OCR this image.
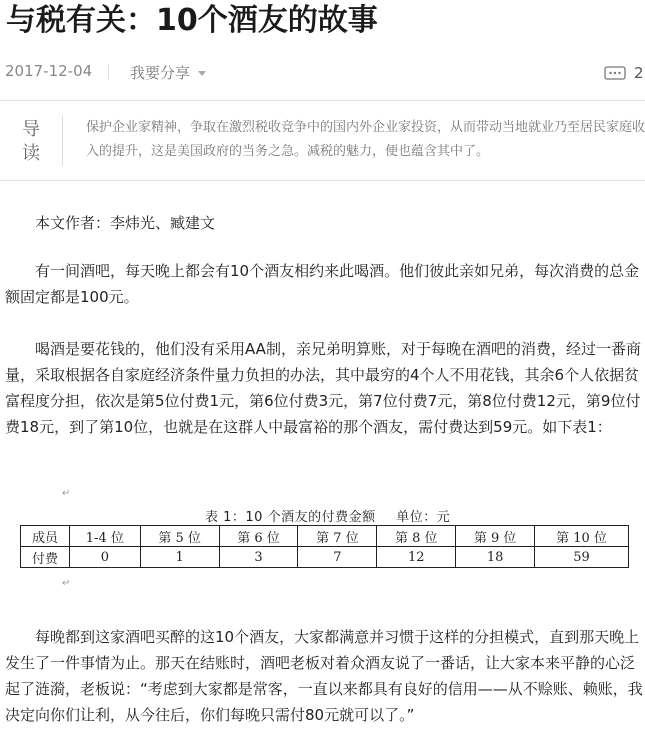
与税有关：10个酒友的故事
2017-12-04	我要分享	2
导读
保护企业家精神，争取在激烈税收竞争中的国内外企业家投资，从而带动当地就业乃至居民家庭收入的提升，这是美国政府的当务之急。减税的魅力，便也蕴含其中了。

本文作者：李炜光、臧建文

有一间酒吧，每天晚上都会有10个酒友相约来此喝酒。他们彼此亲如兄弟，每次消费的总金额固定都是100元。

喝酒是要花钱的，他们没有采用AA制，亲兄弟明算账，对于每晚在酒吧的消费，经过一番商量，采取根据各自家庭经济条件量力负担的办法，其中最穷的4个人不用花钱，其余6个人依据贫富程度分担，依次是第5位付费1元，第6位付费3元，第7位付费7元，第8位付费12元，第9位付费18元，到了第10位，也就是在这群人中最富裕的那个酒友，需付费达到59元。如下表1：

↵
表 1：10 个酒友的付费金额 单位：元
成员	1-4 位	第 5 位	第 6 位	第 7 位	第 8 位	第 9 位	第 10 位
付费	0	1	3	7	12	18	59
↵

每晚都到这家酒吧买醉的这10个酒友，大家都满意并习惯于这样的分担模式，直到那天晚上发生了一件事情为止。那天在结账时，酒吧老板对着众酒友说了一番话，让大家本来平静的心泛起了涟漪，老板说：“考虑到大家都是常客，一直以来都具有良好的信用——从不赊账、赖账，我决定向你们让利，从今往后，你们每晚只需付80元就可以了。”
